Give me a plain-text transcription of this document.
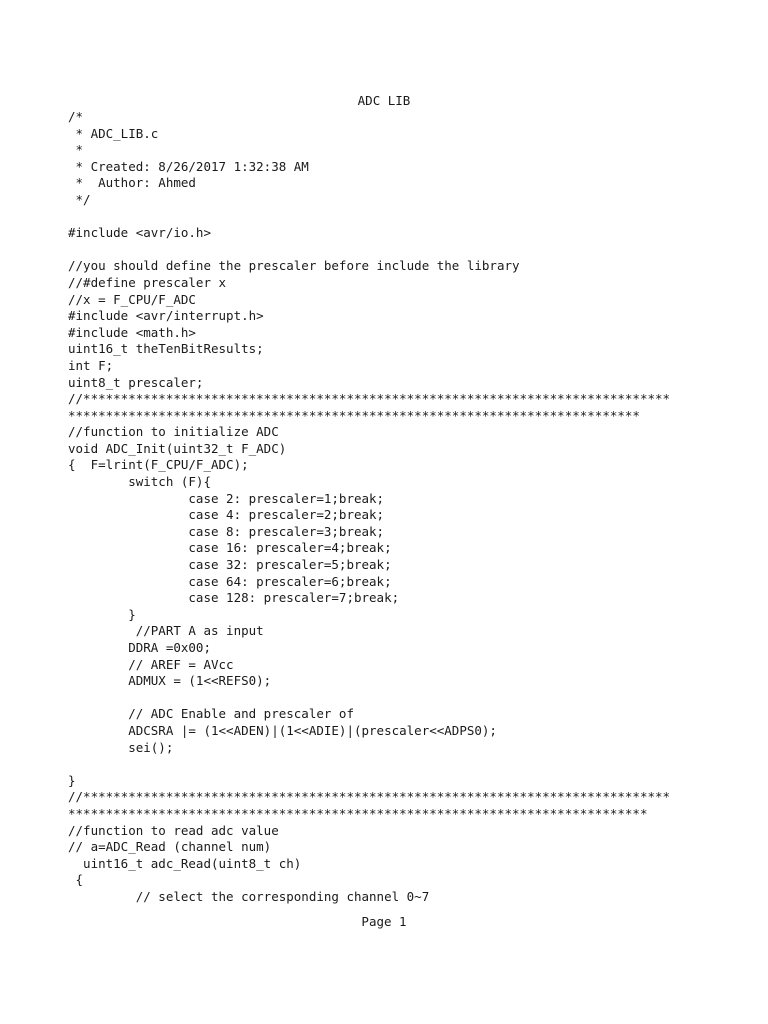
ADC LIB
/*
* ADC_LIB.c
*
* Created: 8/26/2017 1:32:38 AM
*  Author: Ahmed
*/
#include <avr/io.h>
//you should define the prescaler before include the library
//#define prescaler x
//x = F_CPU/F_ADC
#include <avr/interrupt.h>
#include <math.h>
uint16_t theTenBitResults;
int F;
uint8_t prescaler;
//******************************************************************************
****************************************************************************
//function to initialize ADC
void ADC_Init(uint32_t F_ADC)
{  F=lrint(F_CPU/F_ADC);
switch (F){
case 2: prescaler=1;break;
case 4: prescaler=2;break;
case 8: prescaler=3;break;
case 16: prescaler=4;break;
case 32: prescaler=5;break;
case 64: prescaler=6;break;
case 128: prescaler=7;break;
}
//PART A as input
DDRA =0x00;
// AREF = AVcc
ADMUX = (1<<REFS0);
// ADC Enable and prescaler of
ADCSRA |= (1<<ADEN)|(1<<ADIE)|(prescaler<<ADPS0);
sei();
}
//******************************************************************************
*****************************************************************************
//function to read adc value
// a=ADC_Read (channel num)
uint16_t adc_Read(uint8_t ch)
{
// select the corresponding channel 0~7
Page 1
